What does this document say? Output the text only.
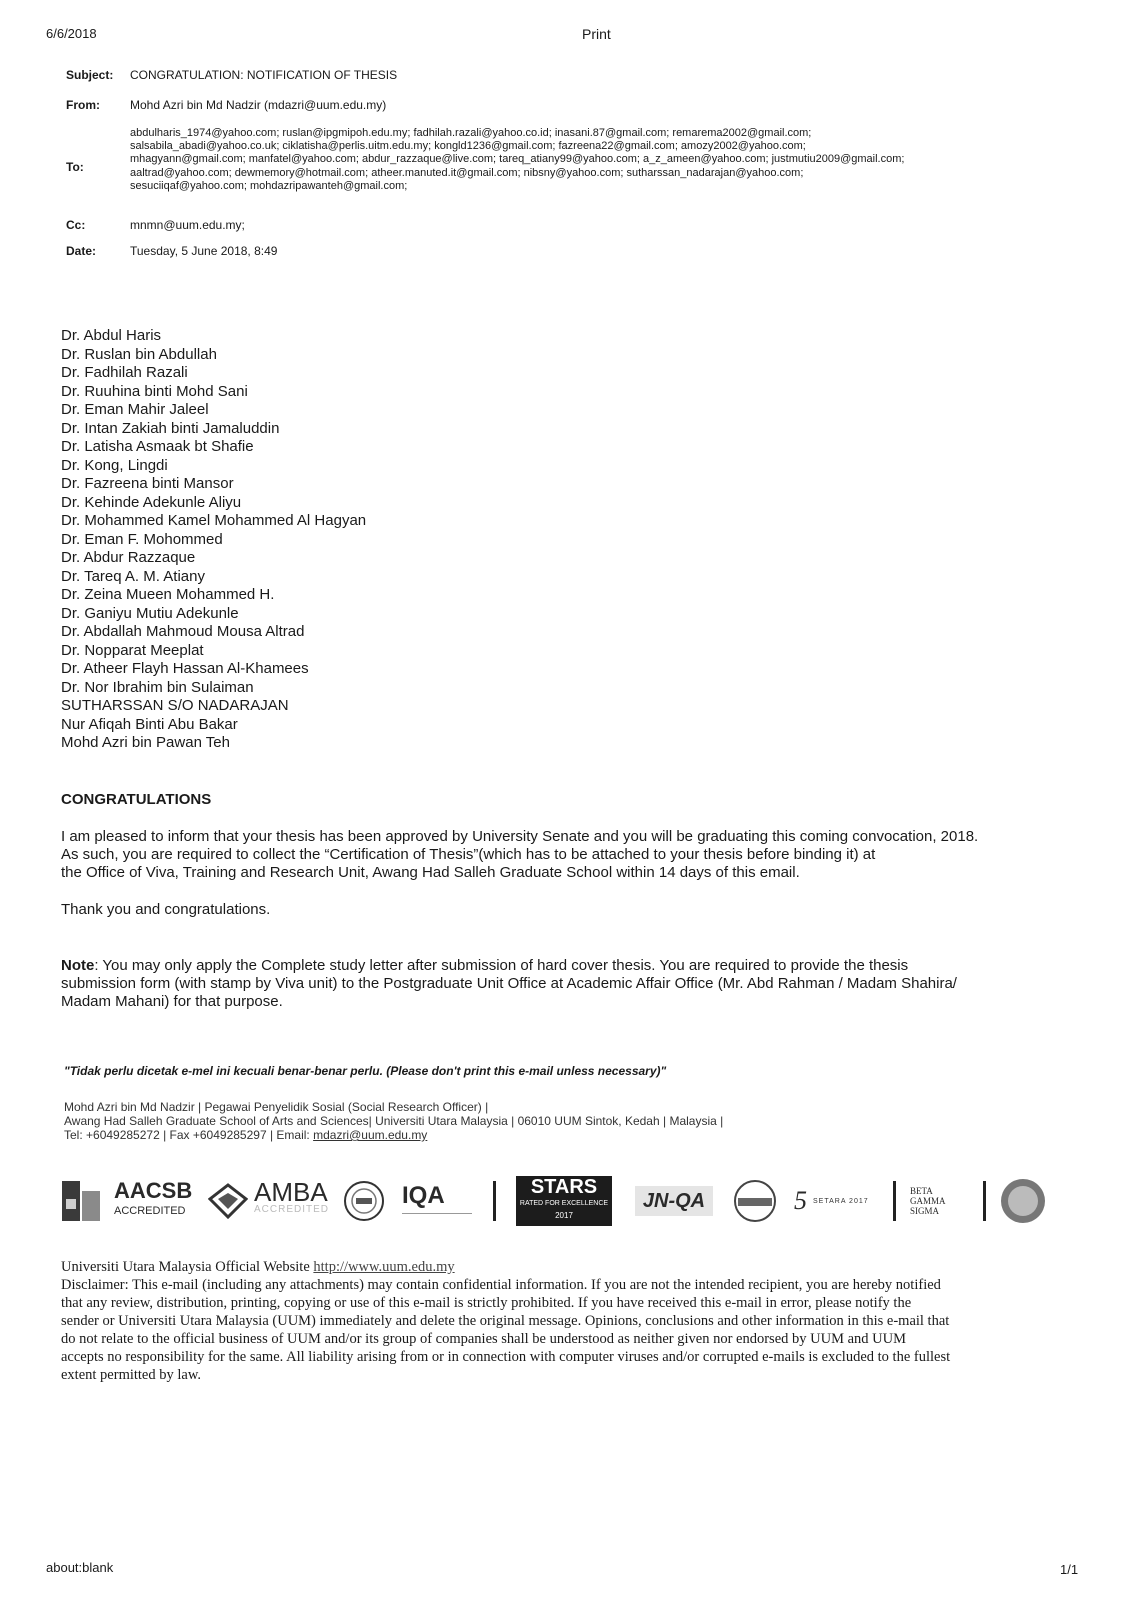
6/6/2018	Print
Subject: CONGRATULATION: NOTIFICATION OF THESIS
From:	Mohd Azri bin Md Nadzir (mdazri@uum.edu.my)
To:
abdulharis_1974@yahoo.com; ruslan@ipgmipoh.edu.my; fadhilah.razali@yahoo.co.id; inasani.87@gmail.com; remarema2002@gmail.com;
salsabila_abadi@yahoo.co.uk; ciklatisha@perlis.uitm.edu.my; kongld1236@gmail.com; fazreena22@gmail.com; amozy2002@yahoo.com;
mhagyann@gmail.com; manfatel@yahoo.com; abdur_razzaque@live.com; tareq_atiany99@yahoo.com; a_z_ameen@yahoo.com; justmutiu2009@gmail.com;
aaltrad@yahoo.com; dewmemory@hotmail.com; atheer.manuted.it@gmail.com; nibsny@yahoo.com; sutharssan_nadarajan@yahoo.com;
sesuciiqaf@yahoo.com; mohdazripawanteh@gmail.com;
Cc:	mnmn@uum.edu.my;
Date:	Tuesday, 5 June 2018, 8:49
Dr. Abdul Haris
Dr. Ruslan bin Abdullah
Dr. Fadhilah Razali
Dr. Ruuhina binti Mohd Sani
Dr. Eman Mahir Jaleel
Dr. Intan Zakiah binti Jamaluddin
Dr. Latisha Asmaak bt Shafie
Dr. Kong, Lingdi
Dr. Fazreena binti Mansor
Dr. Kehinde Adekunle Aliyu
Dr. Mohammed Kamel Mohammed Al Hagyan
Dr. Eman F. Mohommed
Dr. Abdur Razzaque
Dr. Tareq A. M. Atiany
Dr. Zeina Mueen Mohammed H.
Dr. Ganiyu Mutiu Adekunle
Dr. Abdallah Mahmoud Mousa Altrad
Dr. Nopparat Meeplat
Dr. Atheer Flayh Hassan Al-Khamees
Dr. Nor Ibrahim bin Sulaiman
SUTHARSSAN S/O NADARAJAN
Nur Afiqah Binti Abu Bakar
Mohd Azri bin Pawan Teh
CONGRATULATIONS
I am pleased to inform that your thesis has been approved by University Senate and you will be graduating this coming convocation, 2018.
As such, you are required to collect the “Certification of Thesis”(which has to be attached to your thesis before binding it) at
the Office of Viva, Training and Research Unit, Awang Had Salleh Graduate School within 14 days of this email.
Thank you and congratulations.
Note: You may only apply the Complete study letter after submission of hard cover thesis. You are required to provide the thesis
submission form (with stamp by Viva unit) to the Postgraduate Unit Office at Academic Affair Office (Mr. Abd Rahman / Madam Shahira/
Madam Mahani) for that purpose.
"Tidak perlu dicetak e-mel ini kecuali benar-benar perlu. (Please don't print this e-mail unless necessary)"
Mohd Azri bin Md Nadzir | Pegawai Penyelidik Sosial (Social Research Officer) |
Awang Had Salleh Graduate School of Arts and Sciences| Universiti Utara Malaysia | 06010 UUM Sintok, Kedah | Malaysia |
Tel: +6049285272 | Fax +6049285297 | Email: mdazri@uum.edu.my
AACSB
ACCREDITED
AMBA
ACCREDITED
IQA	STARS
RATED FOR EXCELLENCE
2017
JN-QA	5 SETARA 2017
BETA
GAMMA
SIGMA
Universiti Utara Malaysia Official Website http://www.uum.edu.my
Disclaimer: This e-mail (including any attachments) may contain confidential information. If you are not the intended recipient, you are hereby notified
that any review, distribution, printing, copying or use of this e-mail is strictly prohibited. If you have received this e-mail in error, please notify the
sender or Universiti Utara Malaysia (UUM) immediately and delete the original message. Opinions, conclusions and other information in this e-mail that
do not relate to the official business of UUM and/or its group of companies shall be understood as neither given nor endorsed by UUM and UUM
accepts no responsibility for the same. All liability arising from or in connection with computer viruses and/or corrupted e-mails is excluded to the fullest
extent permitted by law.
about:blank	1/1
